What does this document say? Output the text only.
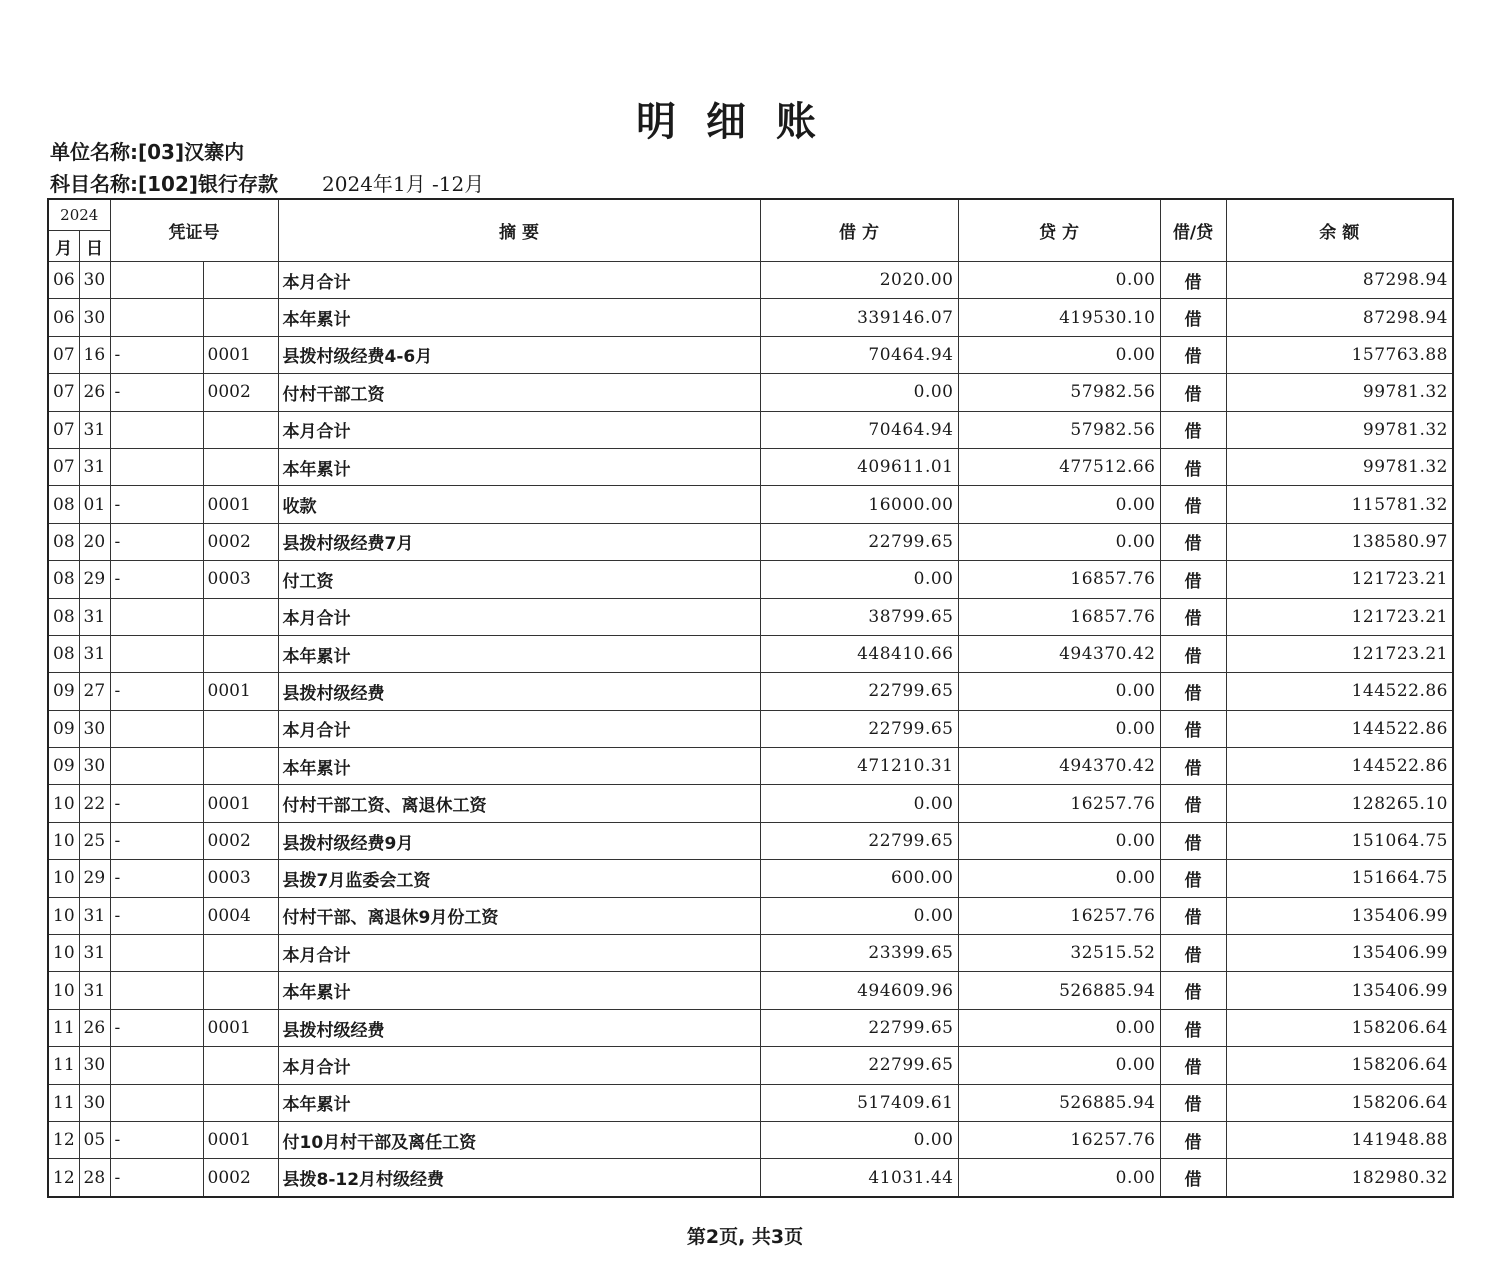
明 细 账
单位名称:[03]汉寨内
科目名称:[102]银行存款 2024年1月 -12月
2024		凭证号		摘 要	借 方	贷 方	借/贷	余 额
月	日							
06	30			本月合计	2020.00	0.00	借	87298.94
06	30			本年累计	339146.07	419530.10	借	87298.94
07	16	-	0001	县拨村级经费4-6月	70464.94	0.00	借	157763.88
07	26	-	0002	付村干部工资	0.00	57982.56	借	99781.32
07	31			本月合计	70464.94	57982.56	借	99781.32
07	31			本年累计	409611.01	477512.66	借	99781.32
08	01	-	0001	收款	16000.00	0.00	借	115781.32
08	20	-	0002	县拨村级经费7月	22799.65	0.00	借	138580.97
08	29	-	0003	付工资	0.00	16857.76	借	121723.21
08	31			本月合计	38799.65	16857.76	借	121723.21
08	31			本年累计	448410.66	494370.42	借	121723.21
09	27	-	0001	县拨村级经费	22799.65	0.00	借	144522.86
09	30			本月合计	22799.65	0.00	借	144522.86
09	30			本年累计	471210.31	494370.42	借	144522.86
10	22	-	0001	付村干部工资、离退休工资	0.00	16257.76	借	128265.10
10	25	-	0002	县拨村级经费9月	22799.65	0.00	借	151064.75
10	29	-	0003	县拨7月监委会工资	600.00	0.00	借	151664.75
10	31	-	0004	付村干部、离退休9月份工资	0.00	16257.76	借	135406.99
10	31			本月合计	23399.65	32515.52	借	135406.99
10	31			本年累计	494609.96	526885.94	借	135406.99
11	26	-	0001	县拨村级经费	22799.65	0.00	借	158206.64
11	30			本月合计	22799.65	0.00	借	158206.64
11	30			本年累计	517409.61	526885.94	借	158206.64
12	05	-	0001	付10月村干部及离任工资	0.00	16257.76	借	141948.88
12	28	-	0002	县拨8-12月村级经费	41031.44	0.00	借	182980.32
第2页, 共3页
